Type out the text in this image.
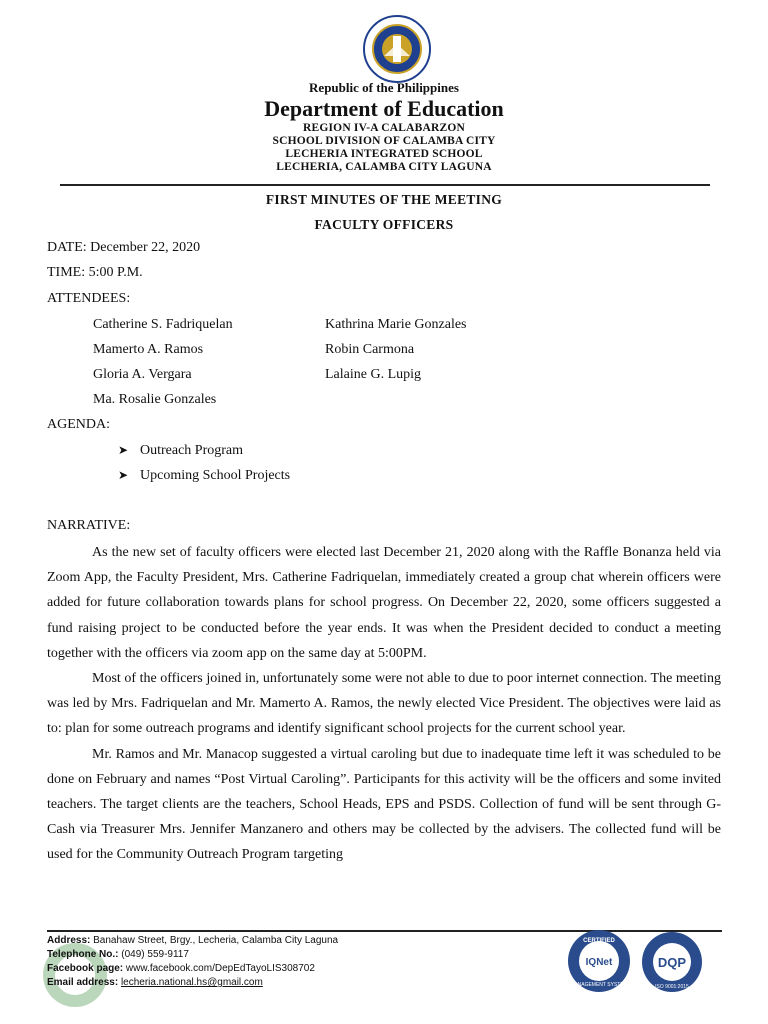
Republic of the Philippines
Department of Education
REGION IV-A CALABARZON
SCHOOL DIVISION OF CALAMBA CITY
LECHERIA INTEGRATED SCHOOL
LECHERIA, CALAMBA CITY LAGUNA
FIRST MINUTES OF THE MEETING
FACULTY OFFICERS
DATE: December 22, 2020
TIME: 5:00 P.M.
ATTENDEES:
Catherine S. Fadriquelan
Mamerto A. Ramos
Gloria A. Vergara
Ma. Rosalie Gonzales
Kathrina Marie Gonzales
Robin Carmona
Lalaine G. Lupig
AGENDA:
➤ Outreach Program
➤ Upcoming School Projects
NARRATIVE:

As the new set of faculty officers were elected last December 21, 2020 along with the Raffle Bonanza held via Zoom App, the Faculty President, Mrs. Catherine Fadriquelan, immediately created a group chat wherein officers were added for future collaboration towards plans for school progress. On December 22, 2020, some officers suggested a fund raising project to be conducted before the year ends. It was when the President decided to conduct a meeting together with the officers via zoom app on the same day at 5:00PM.

Most of the officers joined in, unfortunately some were not able to due to poor internet connection. The meeting was led by Mrs. Fadriquelan and Mr. Mamerto A. Ramos, the newly elected Vice President. The objectives were laid as to: plan for some outreach programs and identify significant school projects for the current school year.

Mr. Ramos and Mr. Manacop suggested a virtual caroling but due to inadequate time left it was scheduled to be done on February and names “Post Virtual Caroling”. Participants for this activity will be the officers and some invited teachers. The target clients are the teachers, School Heads, EPS and PSDS. Collection of fund will be sent through G-Cash via Treasurer Mrs. Jennifer Manzanero and others may be collected by the advisers. The collected fund will be used for the Community Outreach Program targeting

Address: Banahaw Street, Brgy., Lecheria, Calamba City Laguna
Telephone No.: (049) 559-9117
Facebook page: www.facebook.com/DepEdTayoLIS308702
Email address: lecheria.national.hs@gmail.com
CERTIFIED
IQNet
MANAGEMENT SYSTEM
DQP
ISO 9001:2015
